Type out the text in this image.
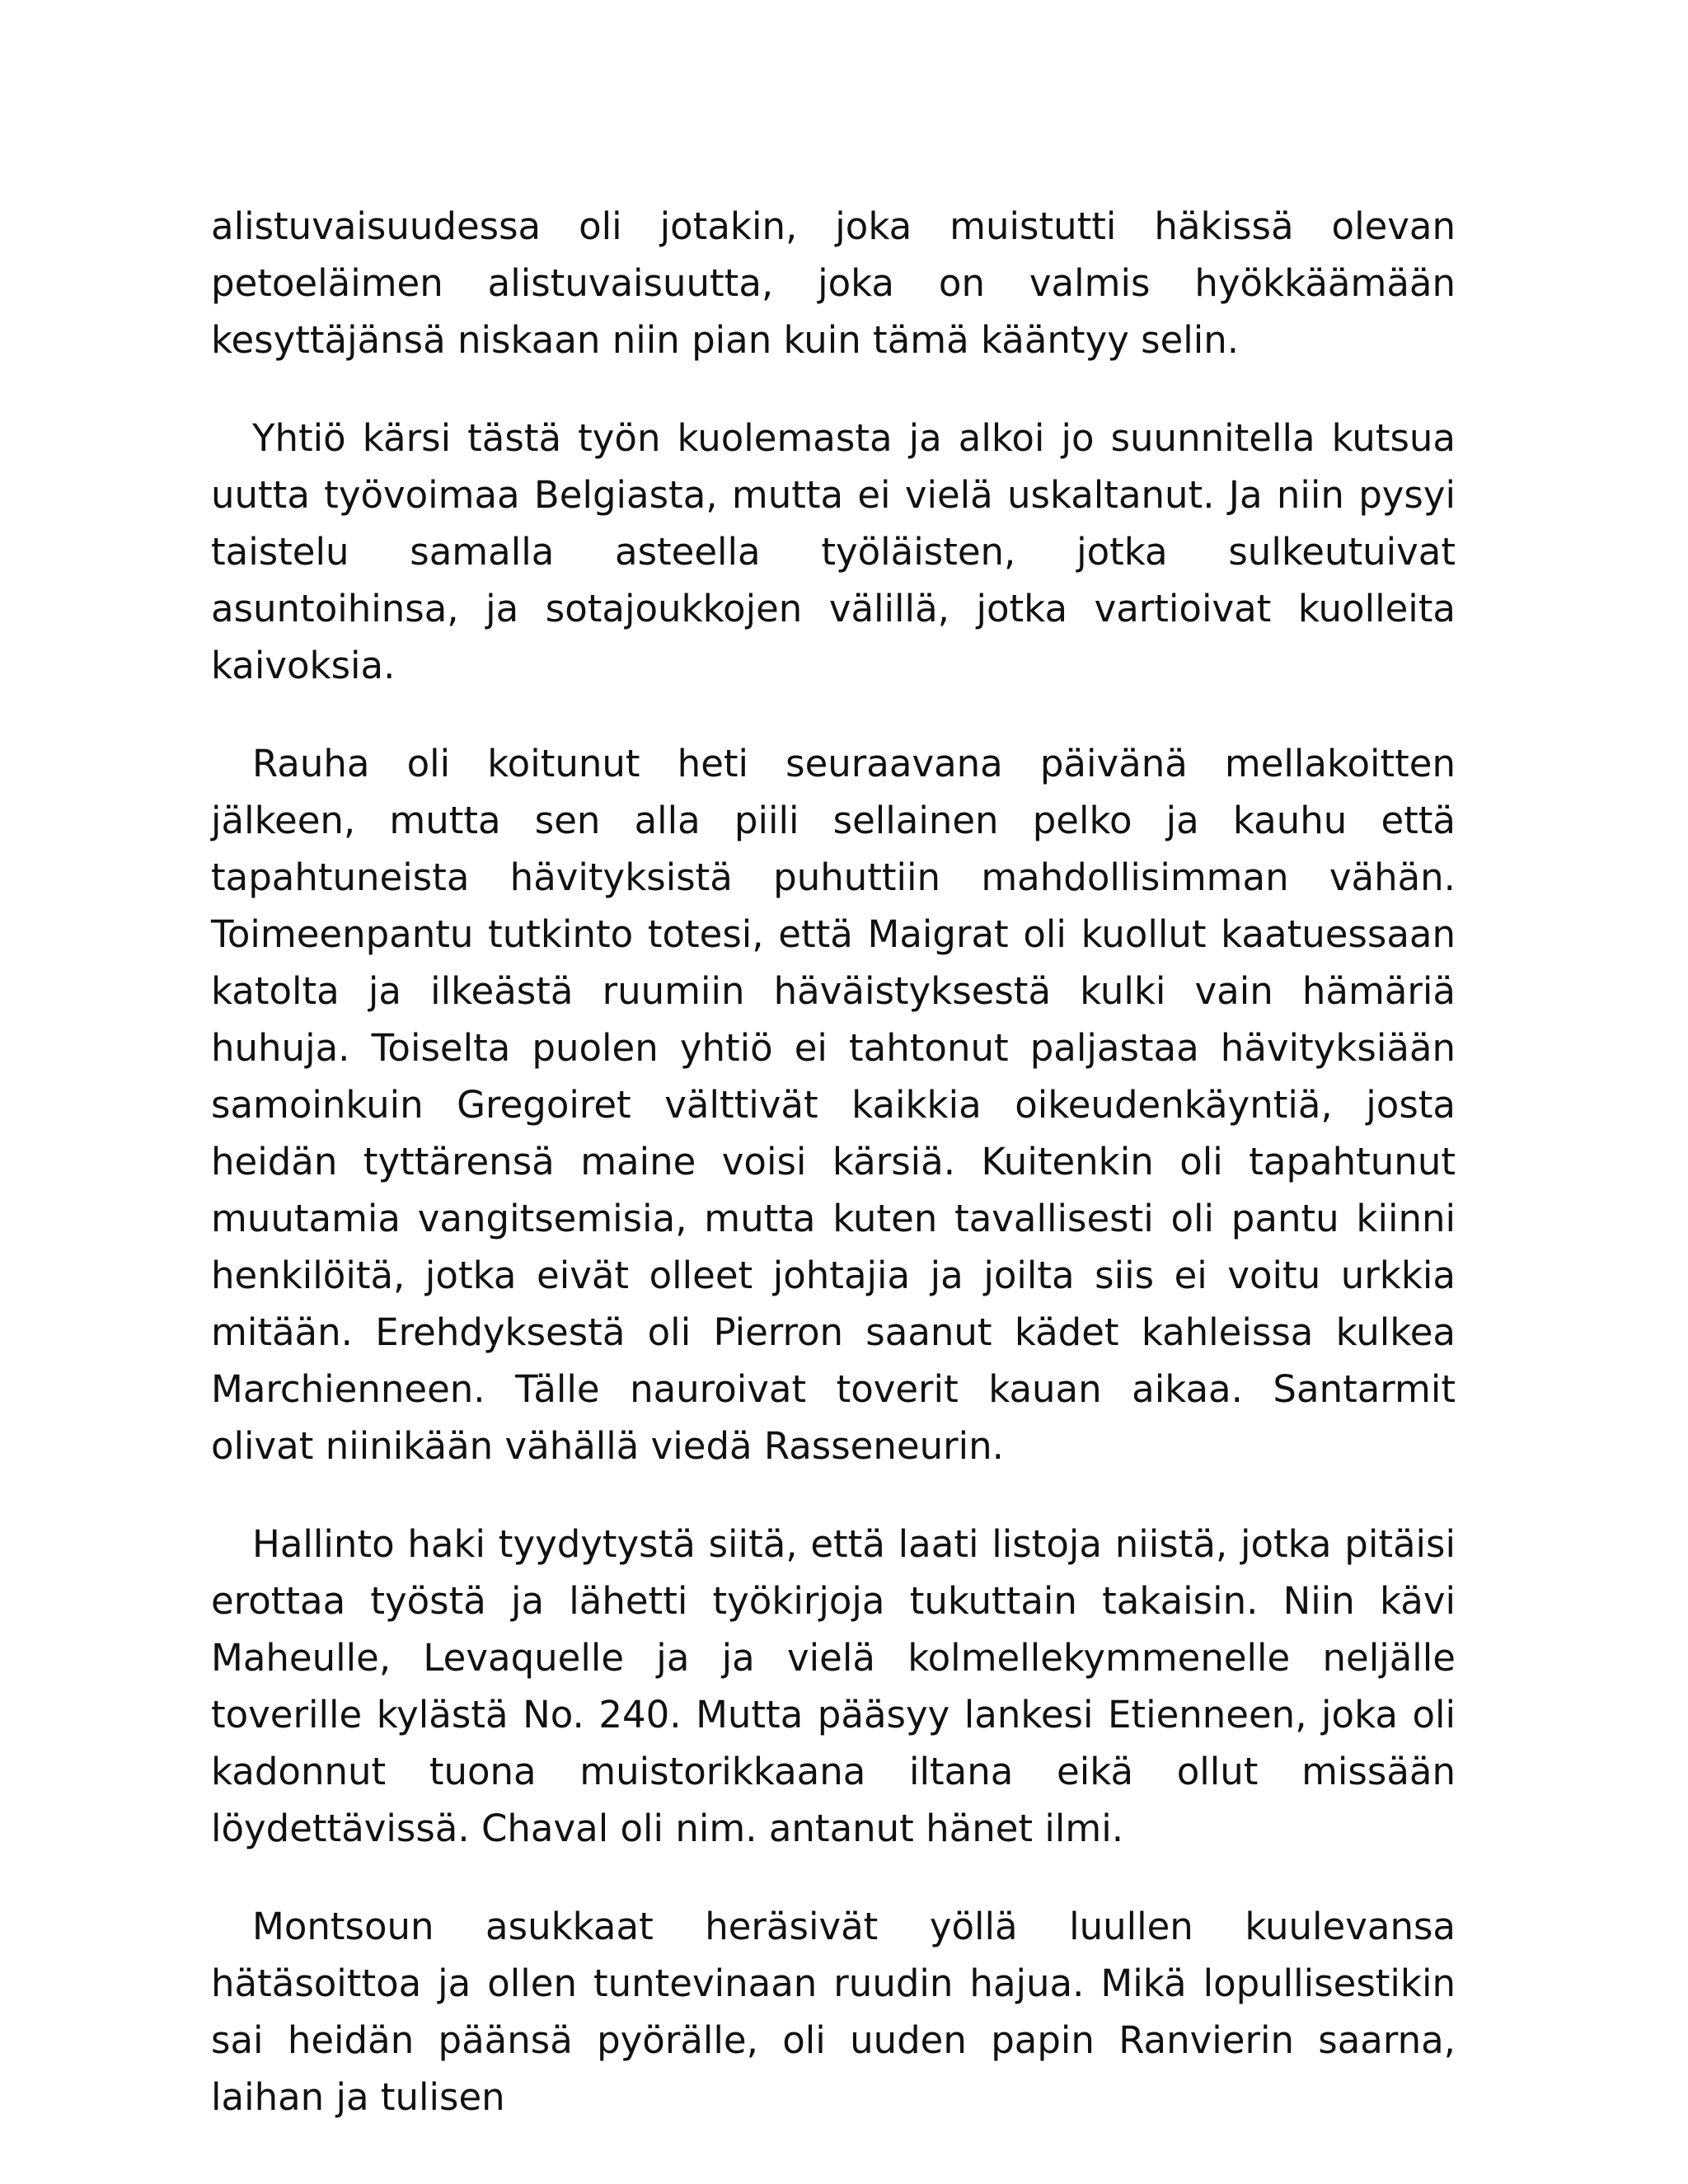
alistuvaisuudessa oli jotakin, joka muistutti häkissä olevan petoeläimen alistuvaisuutta, joka on valmis hyökkäämään kesyttäjänsä niskaan niin pian kuin tämä kääntyy selin.

Yhtiö kärsi tästä työn kuolemasta ja alkoi jo suunnitella kutsua uutta työvoimaa Belgiasta, mutta ei vielä uskaltanut. Ja niin pysyi taistelu samalla asteella työläisten, jotka sulkeutuivat asuntoihinsa, ja sotajoukkojen välillä, jotka vartioivat kuolleita kaivoksia.

Rauha oli koitunut heti seuraavana päivänä mellakoitten jälkeen, mutta sen alla piili sellainen pelko ja kauhu että tapahtuneista hävityksistä puhuttiin mahdollisimman vähän. Toimeenpantu tutkinto totesi, että Maigrat oli kuollut kaatuessaan katolta ja ilkeästä ruumiin häväistyksestä kulki vain hämäriä huhuja. Toiselta puolen yhtiö ei tahtonut paljastaa hävityksiään samoinkuin Gregoiret välttivät kaikkia oikeudenkäyntiä, josta heidän tyttärensä maine voisi kärsiä. Kuitenkin oli tapahtunut muutamia vangitsemisia, mutta kuten tavallisesti oli pantu kiinni henkilöitä, jotka eivät olleet johtajia ja joilta siis ei voitu urkkia mitään. Erehdyksestä oli Pierron saanut kädet kahleissa kulkea Marchienneen. Tälle nauroivat toverit kauan aikaa. Santarmit olivat niinikään vähällä viedä Rasseneurin.

Hallinto haki tyydytystä siitä, että laati listoja niistä, jotka pitäisi erottaa työstä ja lähetti työkirjoja tukuttain takaisin. Niin kävi Maheulle, Levaquelle ja ja vielä kolmellekymmenelle neljälle toverille kylästä No. 240. Mutta pääsyy lankesi Etienneen, joka oli kadonnut tuona muistorikkaana iltana eikä ollut missään löydettävissä. Chaval oli nim. antanut hänet ilmi.

Montsoun asukkaat heräsivät yöllä luullen kuulevansa hätäsoittoa ja ollen tuntevinaan ruudin hajua. Mikä lopullisestikin sai heidän päänsä pyörälle, oli uuden papin Ranvierin saarna, laihan ja tulisen
